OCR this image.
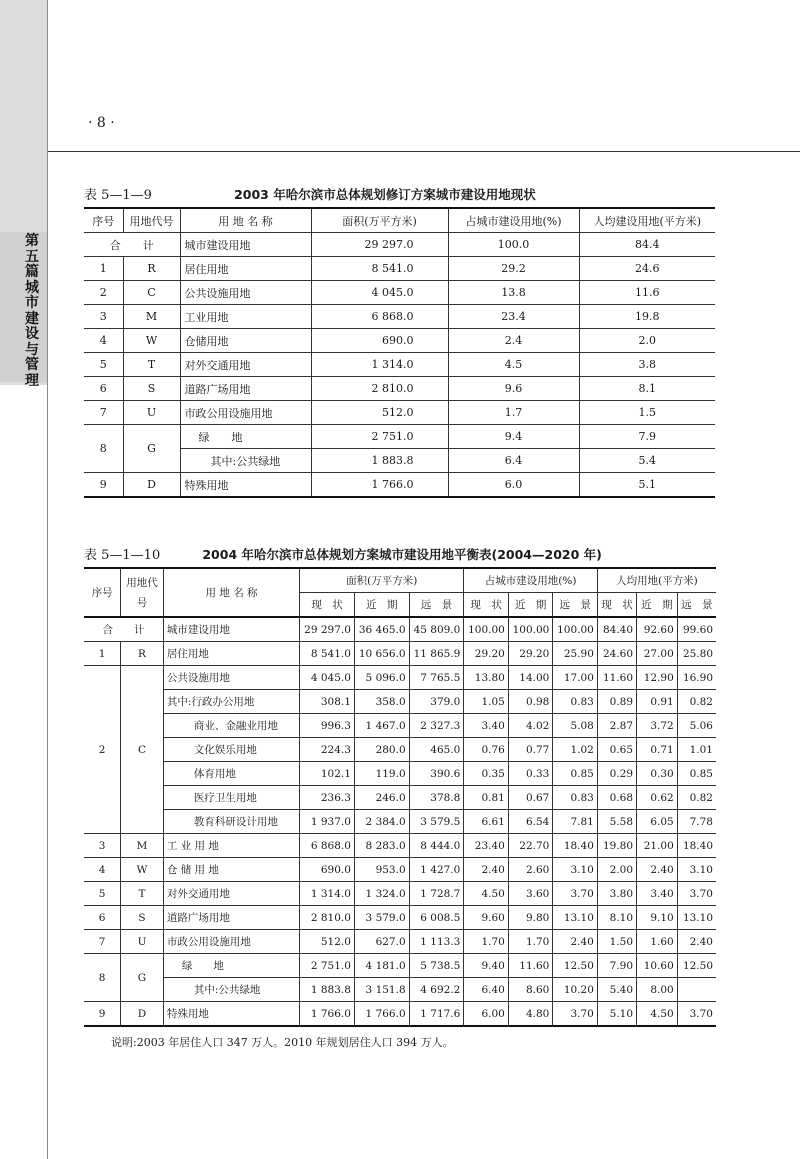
第五篇 城市建设与管理
· 8 ·
表 5—1—9	2003 年哈尔滨市总体规划修订方案城市建设用地现状
序号	用地代号	用 地 名 称	面积(万平方米)	占城市建设用地(%)	人均建设用地(平方米)
合　　计		城市建设用地	29 297.0	100.0	84.4
1	R	居住用地	8 541.0	29.2	24.6
2	C	公共设施用地	4 045.0	13.8	11.6
3	M	工业用地	6 868.0	23.4	19.8
4	W	仓储用地	690.0	2.4	2.0
5	T	对外交通用地	1 314.0	4.5	3.8
6	S	道路广场用地	2 810.0	9.6	8.1
7	U	市政公用设施用地	512.0	1.7	1.5
8	G	绿　　地	2 751.0	9.4	7.9
		其中:公共绿地	1 883.8	6.4	5.4
9	D	特殊用地	1 766.0	6.0	5.1
表 5—1—10	2004 年哈尔滨市总体规划方案城市建设用地平衡表(2004—2020 年)
序号	用地代号	用 地 名 称	面积(万平方米)			占城市建设用地(%)			人均用地(平方米)		
			现　状	近　期	远　景	现　状	近　期	远　景	现　状	近　期	远　景
合　　计		城市建设用地	29 297.0	36 465.0	45 809.0	100.00	100.00	100.00	84.40	92.60	99.60
1	R	居住用地	8 541.0	10 656.0	11 865.9	29.20	29.20	25.90	24.60	27.00	25.80
2	C	公共设施用地	4 045.0	5 096.0	7 765.5	13.80	14.00	17.00	11.60	12.90	16.90
		其中:行政办公用地	308.1	358.0	379.0	1.05	0.98	0.83	0.89	0.91	0.82
		商业、金融业用地	996.3	1 467.0	2 327.3	3.40	4.02	5.08	2.87	3.72	5.06
		文化娱乐用地	224.3	280.0	465.0	0.76	0.77	1.02	0.65	0.71	1.01
		体育用地	102.1	119.0	390.6	0.35	0.33	0.85	0.29	0.30	0.85
		医疗卫生用地	236.3	246.0	378.8	0.81	0.67	0.83	0.68	0.62	0.82
		教育科研设计用地	1 937.0	2 384.0	3 579.5	6.61	6.54	7.81	5.58	6.05	7.78
3	M	工 业 用 地	6 868.0	8 283.0	8 444.0	23.40	22.70	18.40	19.80	21.00	18.40
4	W	仓 储 用 地	690.0	953.0	1 427.0	2.40	2.60	3.10	2.00	2.40	3.10
5	T	对外交通用地	1 314.0	1 324.0	1 728.7	4.50	3.60	3.70	3.80	3.40	3.70
6	S	道路广场用地	2 810.0	3 579.0	6 008.5	9.60	9.80	13.10	8.10	9.10	13.10
7	U	市政公用设施用地	512.0	627.0	1 113.3	1.70	1.70	2.40	1.50	1.60	2.40
8	G	绿　　地	2 751.0	4 181.0	5 738.5	9.40	11.60	12.50	7.90	10.60	12.50
		其中:公共绿地	1 883.8	3 151.8	4 692.2	6.40	8.60	10.20	5.40	8.00	
9	D	特殊用地	1 766.0	1 766.0	1 717.6	6.00	4.80	3.70	5.10	4.50	3.70
说明:2003 年居住人口 347 万人。2010 年规划居住人口 394 万人。
